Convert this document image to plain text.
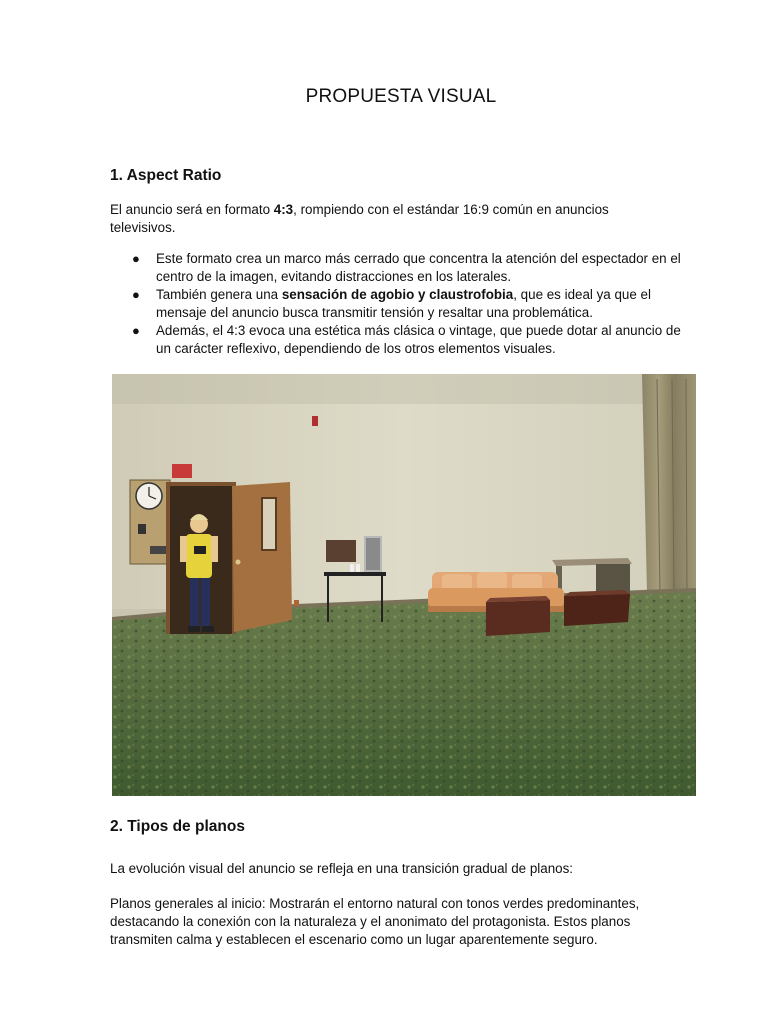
PROPUESTA VISUAL
1. Aspect Ratio

El anuncio será en formato 4:3, rompiendo con el estándar 16:9 común en anuncios televisivos.

● Este formato crea un marco más cerrado que concentra la atención del espectador en el centro de la imagen, evitando distracciones en los laterales.
● También genera una sensación de agobio y claustrofobia, que es ideal ya que el mensaje del anuncio busca transmitir tensión y resaltar una problemática.
● Además, el 4:3 evoca una estética más clásica o vintage, que puede dotar al anuncio de un carácter reflexivo, dependiendo de los otros elementos visuales.
2. Tipos de planos

La evolución visual del anuncio se refleja en una transición gradual de planos:

Planos generales al inicio: Mostrarán el entorno natural con tonos verdes predominantes, destacando la conexión con la naturaleza y el anonimato del protagonista. Estos planos transmiten calma y establecen el escenario como un lugar aparentemente seguro.
